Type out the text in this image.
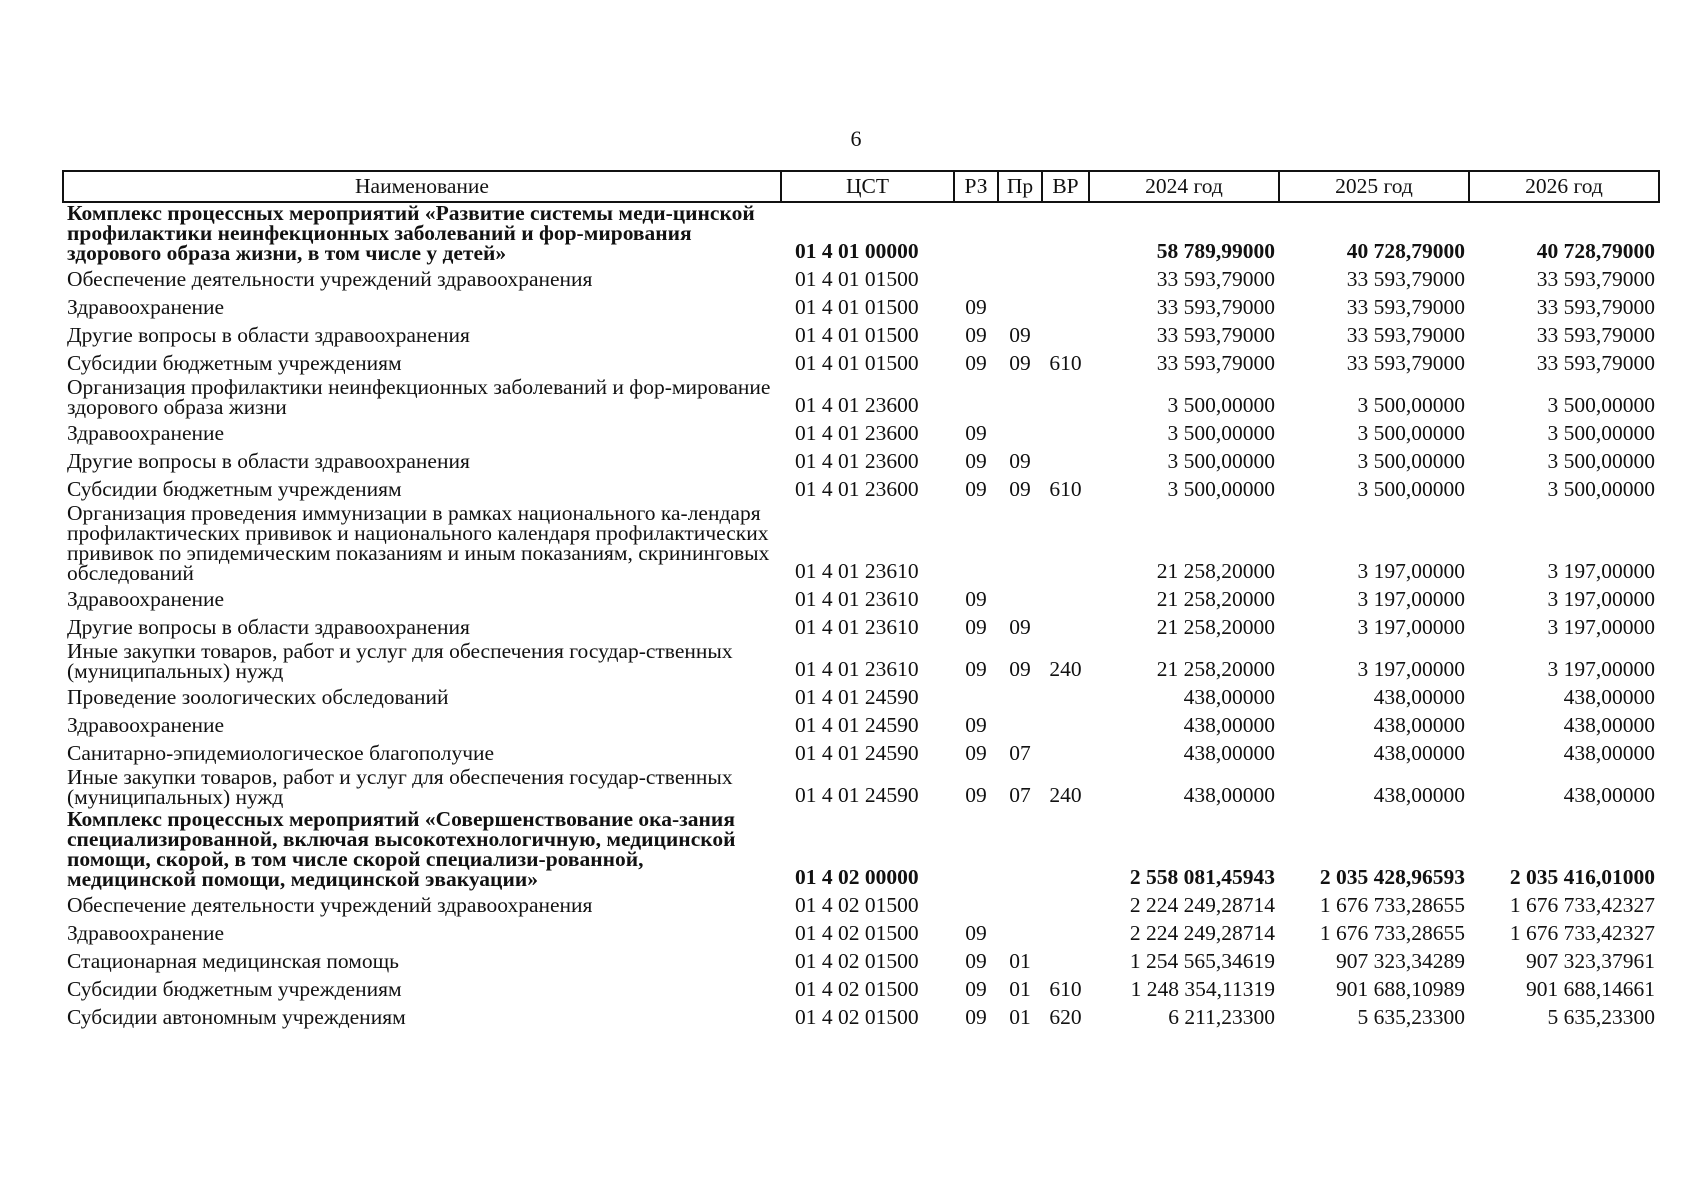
6
Наименование	ЦСТ	РЗ	Пр	ВР	2024 год	2025 год	2026 год
Комплекс процессных мероприятий «Развитие системы меди-цинской профилактики неинфекционных заболеваний и фор-мирования здорового образа жизни, в том числе у детей»	01 4 01 00000				58 789,99000	40 728,79000	40 728,79000
Обеспечение деятельности учреждений здравоохранения	01 4 01 01500				33 593,79000	33 593,79000	33 593,79000
Здравоохранение	01 4 01 01500	09			33 593,79000	33 593,79000	33 593,79000
Другие вопросы в области здравоохранения	01 4 01 01500	09	09		33 593,79000	33 593,79000	33 593,79000
Субсидии бюджетным учреждениям	01 4 01 01500	09	09	610	33 593,79000	33 593,79000	33 593,79000
Организация профилактики неинфекционных заболеваний и фор-мирование здорового образа жизни	01 4 01 23600				3 500,00000	3 500,00000	3 500,00000
Здравоохранение	01 4 01 23600	09			3 500,00000	3 500,00000	3 500,00000
Другие вопросы в области здравоохранения	01 4 01 23600	09	09		3 500,00000	3 500,00000	3 500,00000
Субсидии бюджетным учреждениям	01 4 01 23600	09	09	610	3 500,00000	3 500,00000	3 500,00000
Организация проведения иммунизации в рамках национального ка-лендаря профилактических прививок и национального календаря профилактических прививок по эпидемическим показаниям и иным показаниям, скрининговых обследований	01 4 01 23610				21 258,20000	3 197,00000	3 197,00000
Здравоохранение	01 4 01 23610	09			21 258,20000	3 197,00000	3 197,00000
Другие вопросы в области здравоохранения	01 4 01 23610	09	09		21 258,20000	3 197,00000	3 197,00000
Иные закупки товаров, работ и услуг для обеспечения государ-ственных (муниципальных) нужд	01 4 01 23610	09	09	240	21 258,20000	3 197,00000	3 197,00000
Проведение зоологических обследований	01 4 01 24590				438,00000	438,00000	438,00000
Здравоохранение	01 4 01 24590	09			438,00000	438,00000	438,00000
Санитарно-эпидемиологическое благополучие	01 4 01 24590	09	07		438,00000	438,00000	438,00000
Иные закупки товаров, работ и услуг для обеспечения государ-ственных (муниципальных) нужд	01 4 01 24590	09	07	240	438,00000	438,00000	438,00000
Комплекс процессных мероприятий «Совершенствование ока-зания специализированной, включая высокотехнологичную, медицинской помощи, скорой, в том числе скорой специализи-рованной, медицинской помощи, медицинской эвакуации»	01 4 02 00000				2 558 081,45943	2 035 428,96593	2 035 416,01000
Обеспечение деятельности учреждений здравоохранения	01 4 02 01500				2 224 249,28714	1 676 733,28655	1 676 733,42327
Здравоохранение	01 4 02 01500	09			2 224 249,28714	1 676 733,28655	1 676 733,42327
Стационарная медицинская помощь	01 4 02 01500	09	01		1 254 565,34619	907 323,34289	907 323,37961
Субсидии бюджетным учреждениям	01 4 02 01500	09	01	610	1 248 354,11319	901 688,10989	901 688,14661
Субсидии автономным учреждениям	01 4 02 01500	09	01	620	6 211,23300	5 635,23300	5 635,23300
